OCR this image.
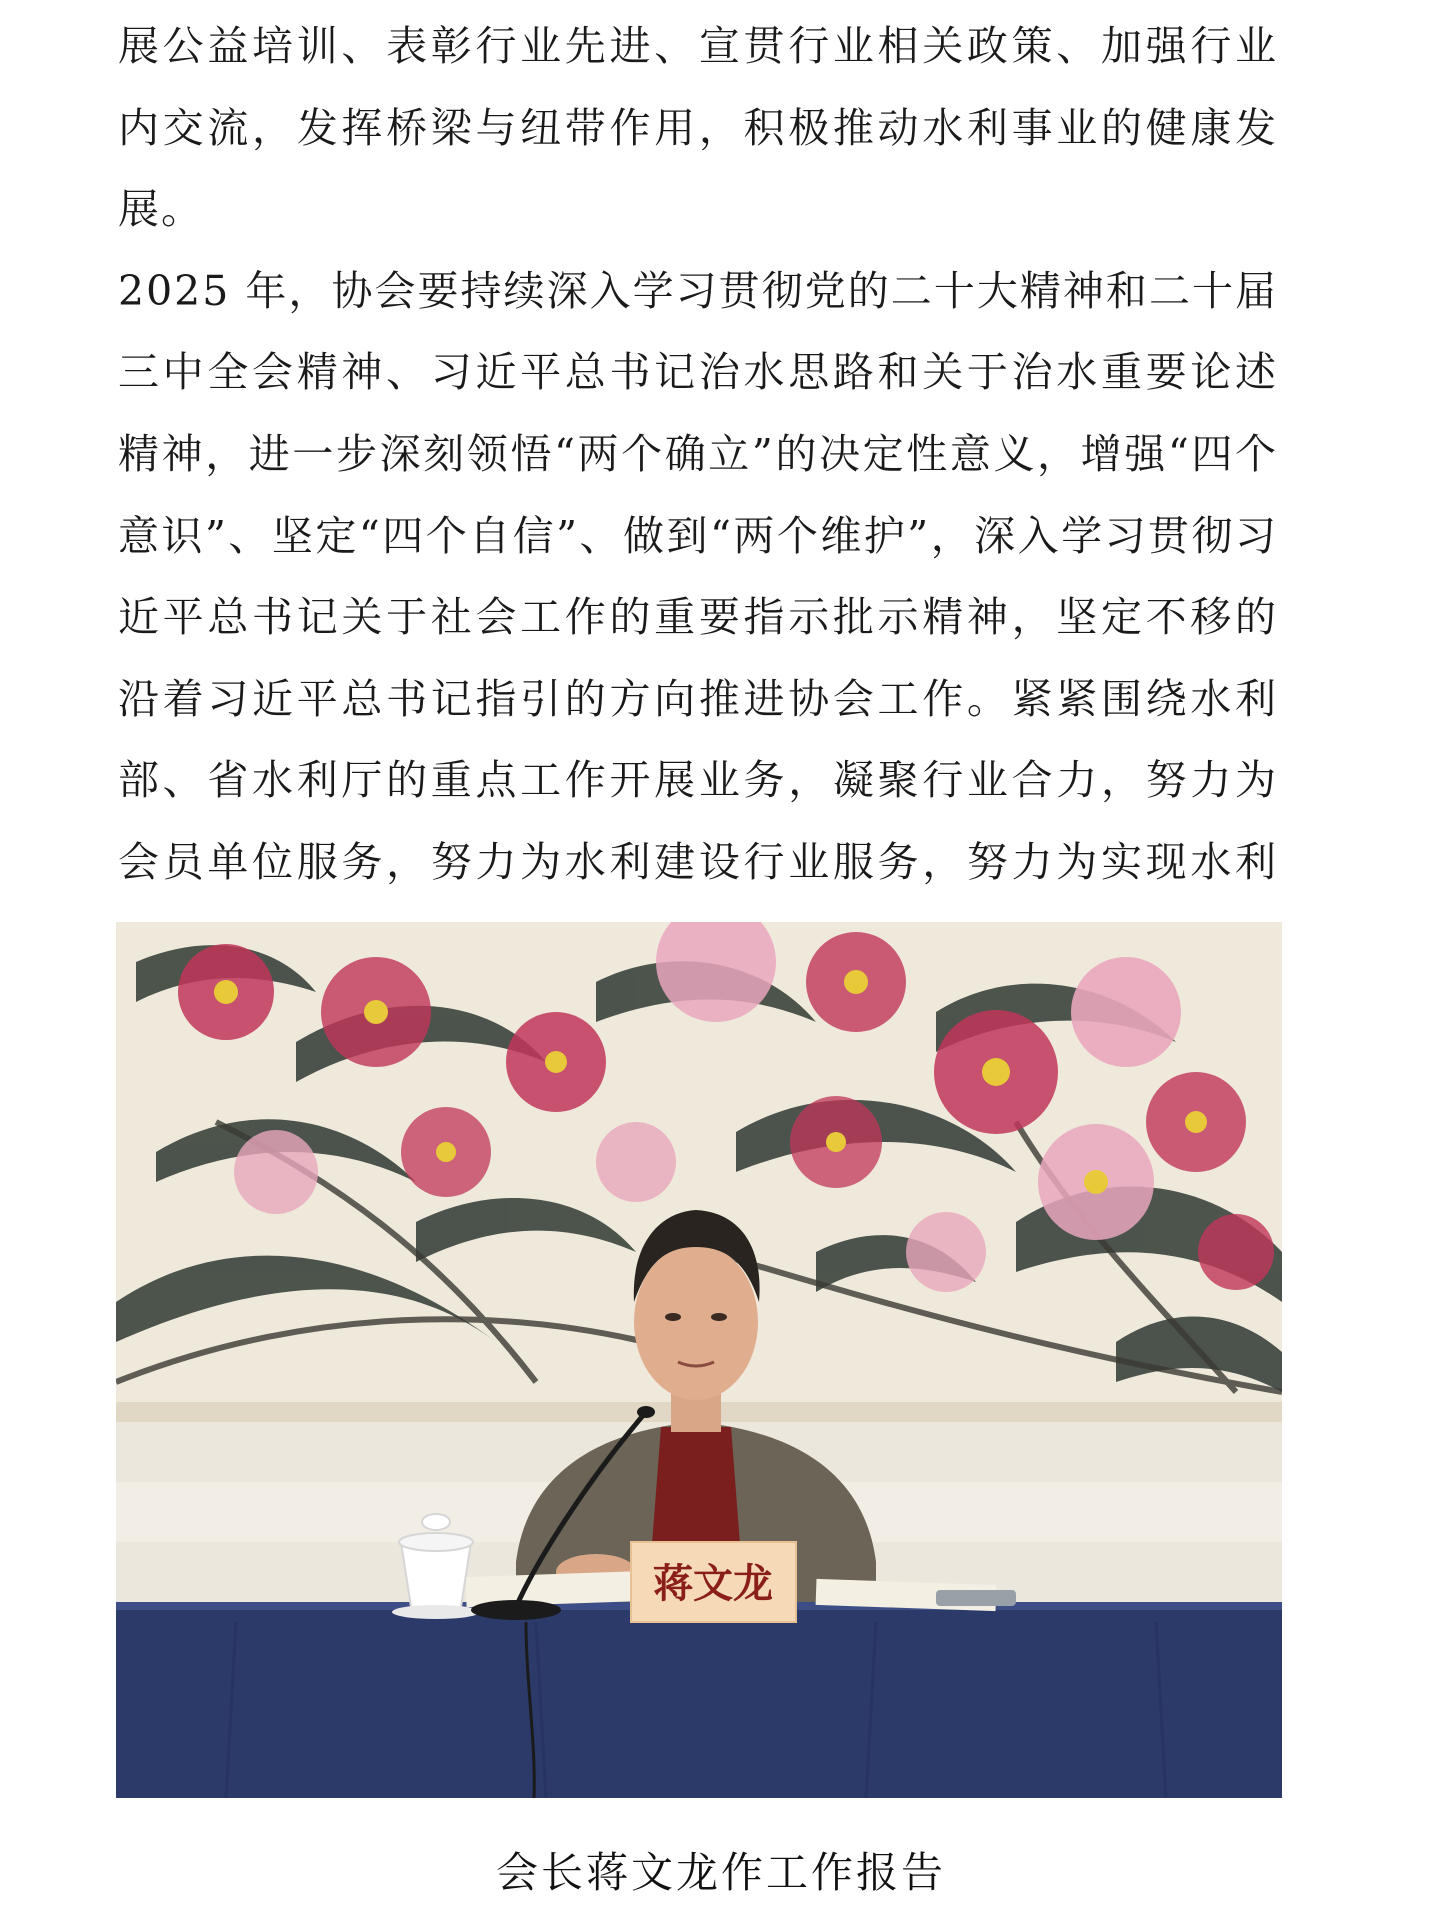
展公益培训、表彰行业先进、宣贯行业相关政策、加强行业内交流，发挥桥梁与纽带作用，积极推动水利事业的健康发展。

2025 年，协会要持续深入学习贯彻党的二十大精神和二十届三中全会精神、习近平总书记治水思路和关于治水重要论述精神，进一步深刻领悟“两个确立”的决定性意义，增强“四个意识”、坚定“四个自信”、做到“两个维护”，深入学习贯彻习近平总书记关于社会工作的重要指示批示精神，坚定不移的沿着习近平总书记指引的方向推进协会工作。紧紧围绕水利部、省水利厅的重点工作开展业务，凝聚行业合力，努力为会员单位服务，努力为水利建设行业服务，努力为实现水利

蒋文龙
会长蒋文龙作工作报告
